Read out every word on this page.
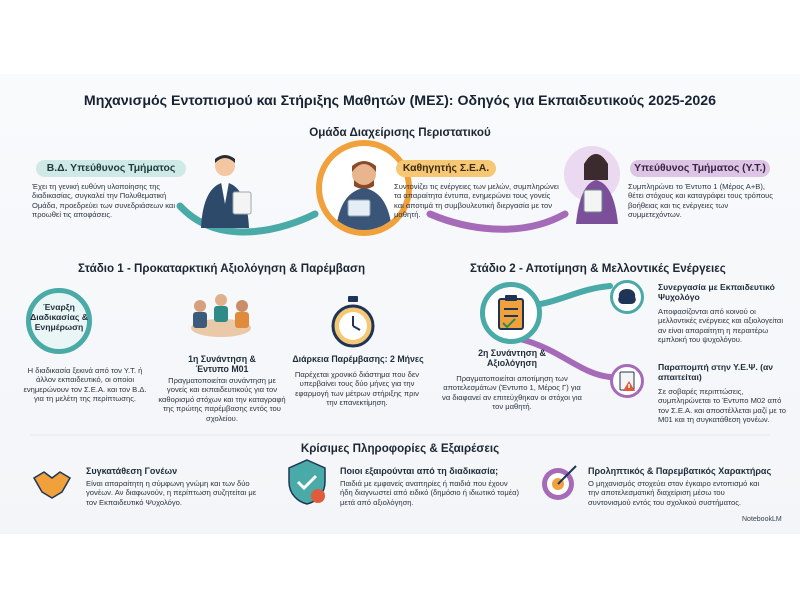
Μηχανισμός Εντοπισμού και Στήριξης Μαθητών (ΜΕΣ): Οδηγός για Εκπαιδευτικούς 2025-2026
Ομάδα Διαχείρισης Περιστατικού
Β.Δ. Υπεύθυνος Τμήματος
Έχει τη γενική ευθύνη υλοποίησης της διαδικασίας, συγκαλεί την Πολυθεματική Ομάδα, προεδρεύει των συνεδριάσεων και προωθεί τις αποφάσεις.
Καθηγητής Σ.Ε.Α.
Συντονίζει τις ενέργειες των μελών, συμπληρώνει τα απαραίτητα έντυπα, ενημερώνει τους γονείς και αποτιμά τη συμβουλευτική διεργασία με τον μαθητή.
Υπεύθυνος Τμήματος (Υ.Τ.)
Συμπληρώνει το Έντυπο 1 (Μέρος Α+Β), θέτει στόχους και καταγράφει τους τρόπους βοήθειας και τις ενέργειες των συμμετεχόντων.
Στάδιο 1 - Προκαταρκτική Αξιολόγηση & Παρέμβαση
Έναρξη Διαδικασίας & Ενημέρωση
Η διαδικασία ξεκινά από τον Υ.Τ. ή άλλον εκπαιδευτικό, οι οποίοι ενημερώνουν τον Σ.Ε.Α. και τον Β.Δ. για τη μελέτη της περίπτωσης.
1η Συνάντηση & Έντυπο Μ01
Πραγματοποιείται συνάντηση με γονείς και εκπαιδευτικούς για τον καθορισμό στόχων και την καταγραφή της πρώτης παρέμβασης εντός του σχολείου.
Διάρκεια Παρέμβασης: 2 Μήνες
Παρέχεται χρονικό διάστημα που δεν υπερβαίνει τους δύο μήνες για την εφαρμογή των μέτρων στήριξης πριν την επανεκτίμηση.
Στάδιο 2 - Αποτίμηση & Μελλοντικές Ενέργειες
2η Συνάντηση & Αξιολόγηση
Πραγματοποιείται αποτίμηση των αποτελεσμάτων (Έντυπο 1, Μέρος Γ) για να διαφανεί αν επιτεύχθηκαν οι στόχοι για τον μαθητή.
Συνεργασία με Εκπαιδευτικό Ψυχολόγο
Αποφασίζονται από κοινού οι μελλοντικές ενέργειες και αξιολογείται αν είναι απαραίτητη η περαιτέρω εμπλοκή του ψυχολόγου.
Παραπομπή στην Υ.Ε.Ψ. (αν απαιτείται)
Σε σοβαρές περιπτώσεις, συμπληρώνεται το Έντυπο Μ02 από τον Σ.Ε.Α. και αποστέλλεται μαζί με το Μ01 και τη συγκατάθεση γονέων.
Κρίσιμες Πληροφορίες & Εξαιρέσεις
Συγκατάθεση Γονέων
Είναι απαραίτητη η σύμφωνη γνώμη και των δύο γονέων. Αν διαφωνούν, η περίπτωση συζητείται με τον Εκπαιδευτικό Ψυχολόγο.
Ποιοι εξαιρούνται από τη διαδικασία;
Παιδιά με εμφανείς αναπηρίες ή παιδιά που έχουν ήδη διαγνωστεί από ειδικό (δημόσιο ή ιδιωτικό τομέα) μετά από αξιολόγηση.
Προληπτικός & Παρεμβατικός Χαρακτήρας
Ο μηχανισμός στοχεύει στον έγκαιρο εντοπισμό και την αποτελεσματική διαχείριση μέσω του συντονισμού εντός του σχολικού συστήματος.
NotebookLM
